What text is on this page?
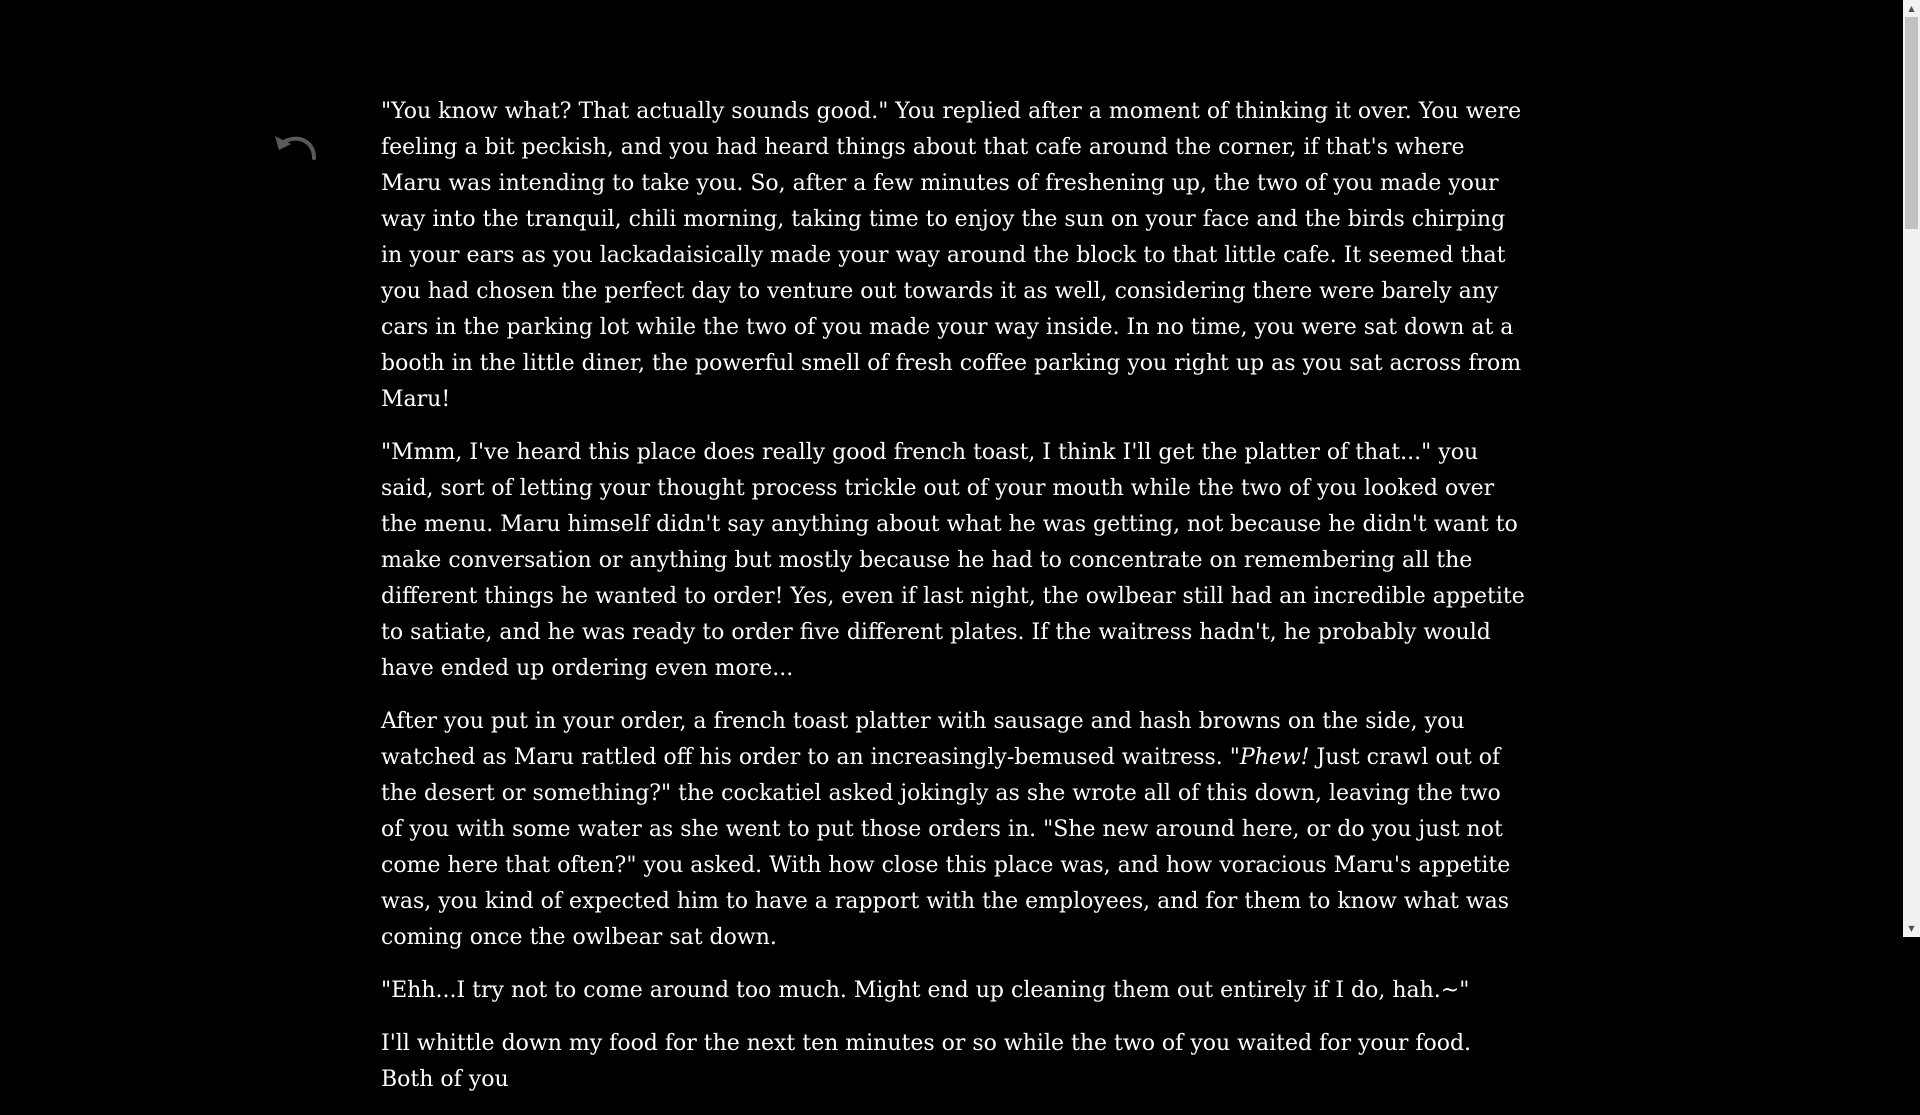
"You know what? That actually sounds good." You replied after a moment of thinking it over. You were feeling a bit peckish, and you had heard things about that cafe around the corner, if that's where Maru was intending to take you. So, after a few minutes of freshening up, the two of you made your way into the tranquil, chili morning, taking time to enjoy the sun on your face and the birds chirping in your ears as you lackadaisically made your way around the block to that little cafe. It seemed that you had chosen the perfect day to venture out towards it as well, considering there were barely any cars in the parking lot while the two of you made your way inside. In no time, you were sat down at a booth in the little diner, the powerful smell of fresh coffee parking you right up as you sat across from Maru!

"Mmm, I've heard this place does really good french toast, I think I'll get the platter of that..." you said, sort of letting your thought process trickle out of your mouth while the two of you looked over the menu. Maru himself didn't say anything about what he was getting, not because he didn't want to make conversation or anything but mostly because he had to concentrate on remembering all the different things he wanted to order! Yes, even if last night, the owlbear still had an incredible appetite to satiate, and he was ready to order five different plates. If the waitress hadn't, he probably would have ended up ordering even more...

After you put in your order, a french toast platter with sausage and hash browns on the side, you watched as Maru rattled off his order to an increasingly-bemused waitress. "Phew! Just crawl out of the desert or something?" the cockatiel asked jokingly as she wrote all of this down, leaving the two of you with some water as she went to put those orders in. "She new around here, or do you just not come here that often?" you asked. With how close this place was, and how voracious Maru's appetite was, you kind of expected him to have a rapport with the employees, and for them to know what was coming once the owlbear sat down.

"Ehh...I try not to come around too much. Might end up cleaning them out entirely if I do, hah.~"

I'll whittle down my food for the next ten minutes or so while the two of you waited for your food. Both of you

▲
▼
